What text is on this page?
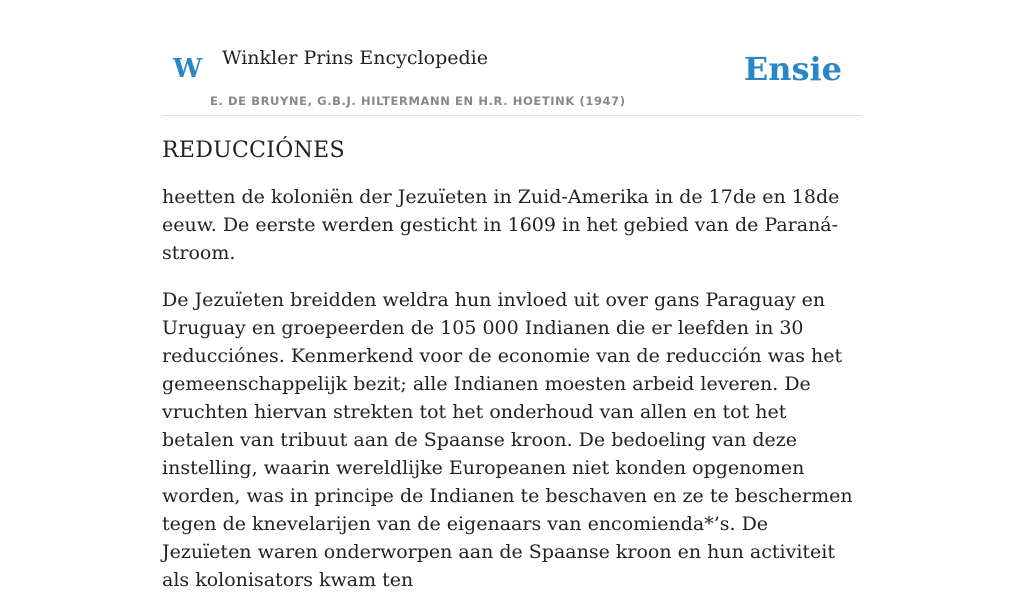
W Winkler Prins Encyclopedie
E. DE BRUYNE, G.B.J. HILTERMANN EN H.R. HOETINK (1947)
Ensie
REDUCCIÓNES

heetten de koloniën der Jezuïeten in Zuid-Amerika in de 17de en 18de eeuw. De eerste werden gesticht in 1609 in het gebied van de Paraná-stroom.

De Jezuïeten breidden weldra hun invloed uit over gans Paraguay en Uruguay en groepeerden de 105 000 Indianen die er leefden in 30 reducciónes. Kenmerkend voor de economie van de reducción was het gemeenschappelijk bezit; alle Indianen moesten arbeid leveren. De vruchten hiervan strekten tot het onderhoud van allen en tot het betalen van tribuut aan de Spaanse kroon. De bedoeling van deze instelling, waarin wereldlijke Europeanen niet konden opgenomen worden, was in principe de Indianen te beschaven en ze te beschermen tegen de knevelarijen van de eigenaars van encomienda*’s. De Jezuïeten waren onderworpen aan de Spaanse kroon en hun activiteit als kolonisators kwam ten
